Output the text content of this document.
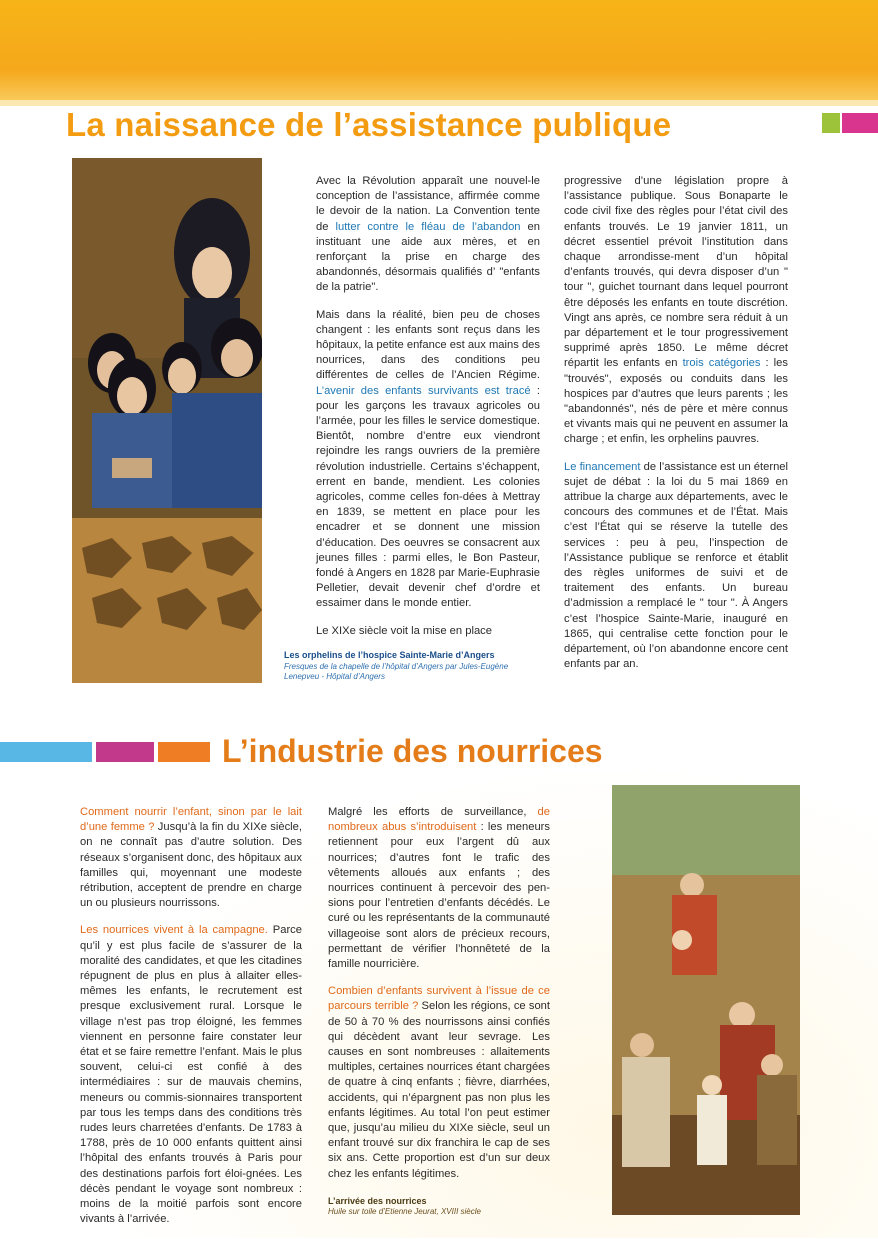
La naissance de l’assistance publique
Les orphelins de l’hospice Sainte-Marie d’Angers
Fresques de la chapelle de l’hôpital d’Angers par Jules-Eugène Lenepveu - Hôpital d’Angers

Avec la Révolution apparaît une nouvel-le conception de l’assistance, affirmée comme le devoir de la nation. La Convention tente de lutter contre le fléau de l’abandon en instituant une aide aux mères, et en renforçant la prise en charge des abandonnés, désormais qualifiés d’ "enfants de la patrie".

Mais dans la réalité, bien peu de choses changent : les enfants sont reçus dans les hôpitaux, la petite enfance est aux mains des nourrices, dans des conditions peu différentes de celles de l’Ancien Régime. L’avenir des enfants survivants est tracé : pour les garçons les travaux agricoles ou l’armée, pour les filles le service domestique. Bientôt, nombre d’entre eux viendront rejoindre les rangs ouvriers de la première révolution industrielle. Certains s’échappent, errent en bande, mendient. Les colonies agricoles, comme celles fon-dées à Mettray en 1839, se mettent en place pour les encadrer et se donnent une mission d’éducation. Des oeuvres se consacrent aux jeunes filles : parmi elles, le Bon Pasteur, fondé à Angers en 1828 par Marie-Euphrasie Pelletier, devait devenir chef d’ordre et essaimer dans le monde entier.

Le XIXe siècle voit la mise en place

progressive d’une législation propre à l’assistance publique. Sous Bonaparte le code civil fixe des règles pour l’état civil des enfants trouvés. Le 19 janvier 1811, un décret essentiel prévoit l’institution dans chaque arrondisse-ment d’un hôpital d’enfants trouvés, qui devra disposer d’un " tour ", guichet tournant dans lequel pourront être déposés les enfants en toute discrétion. Vingt ans après, ce nombre sera réduit à un par département et le tour progressivement supprimé après 1850. Le même décret répartit les enfants en trois catégories : les "trouvés", exposés ou conduits dans les hospices par d’autres que leurs parents ; les "abandonnés", nés de père et mère connus et vivants mais qui ne peuvent en assumer la charge ; et enfin, les orphelins pauvres.

Le financement de l’assistance est un éternel sujet de débat : la loi du 5 mai 1869 en attribue la charge aux départements, avec le concours des communes et de l’État. Mais c’est l’État qui se réserve la tutelle des services : peu à peu, l’inspection de l’Assistance publique se renforce et établit des règles uniformes de suivi et de traitement des enfants. Un bureau d’admission a remplacé le " tour ". À Angers c’est l’hospice Sainte-Marie, inauguré en 1865, qui centralise cette fonction pour le département, où l’on abandonne encore cent enfants par an.

L’industrie des nourrices

Comment nourrir l’enfant, sinon par le lait d’une femme ? Jusqu’à la fin du XIXe siècle, on ne connaît pas d’autre solution. Des réseaux s’organisent donc, des hôpitaux aux familles qui, moyennant une modeste rétribution, acceptent de prendre en charge un ou plusieurs nourrissons.

Les nourrices vivent à la campagne. Parce qu’il y est plus facile de s’assurer de la moralité des candidates, et que les citadines répugnent de plus en plus à allaiter elles-mêmes les enfants, le recrutement est presque exclusivement rural. Lorsque le village n’est pas trop éloigné, les femmes viennent en personne faire constater leur état et se faire remettre l’enfant. Mais le plus souvent, celui-ci est confié à des intermédiaires : sur de mauvais chemins, meneurs ou commis-sionnaires transportent par tous les temps dans des conditions très rudes leurs charretées d’enfants. De 1783 à 1788, près de 10 000 enfants quittent ainsi l’hôpital des enfants trouvés à Paris pour des destinations parfois fort éloi-gnées. Les décès pendant le voyage sont nombreux : moins de la moitié parfois sont encore vivants à l’arrivée.

Malgré les efforts de surveillance, de nombreux abus s’introduisent : les meneurs retiennent pour eux l’argent dû aux nourrices; d’autres font le trafic des vêtements alloués aux enfants ; des nourrices continuent à percevoir des pen-sions pour l’entretien d’enfants décédés. Le curé ou les représentants de la communauté villageoise sont alors de précieux recours, permettant de vérifier l’honnêteté de la famille nourricière.

Combien d’enfants survivent à l’issue de ce parcours terrible ? Selon les régions, ce sont de 50 à 70 % des nourrissons ainsi confiés qui décèdent avant leur sevrage. Les causes en sont nombreuses : allaitements multiples, certaines nourrices étant chargées de quatre à cinq enfants ; fièvre, diarrhées, accidents, qui n’épargnent pas non plus les enfants légitimes. Au total l’on peut estimer que, jusqu’au milieu du XIXe siècle, seul un enfant trouvé sur dix franchira le cap de ses six ans. Cette proportion est d’un sur deux chez les enfants légitimes.

L’arrivée des nourrices
Huile sur toile d’Etienne Jeurat, XVIII siècle
